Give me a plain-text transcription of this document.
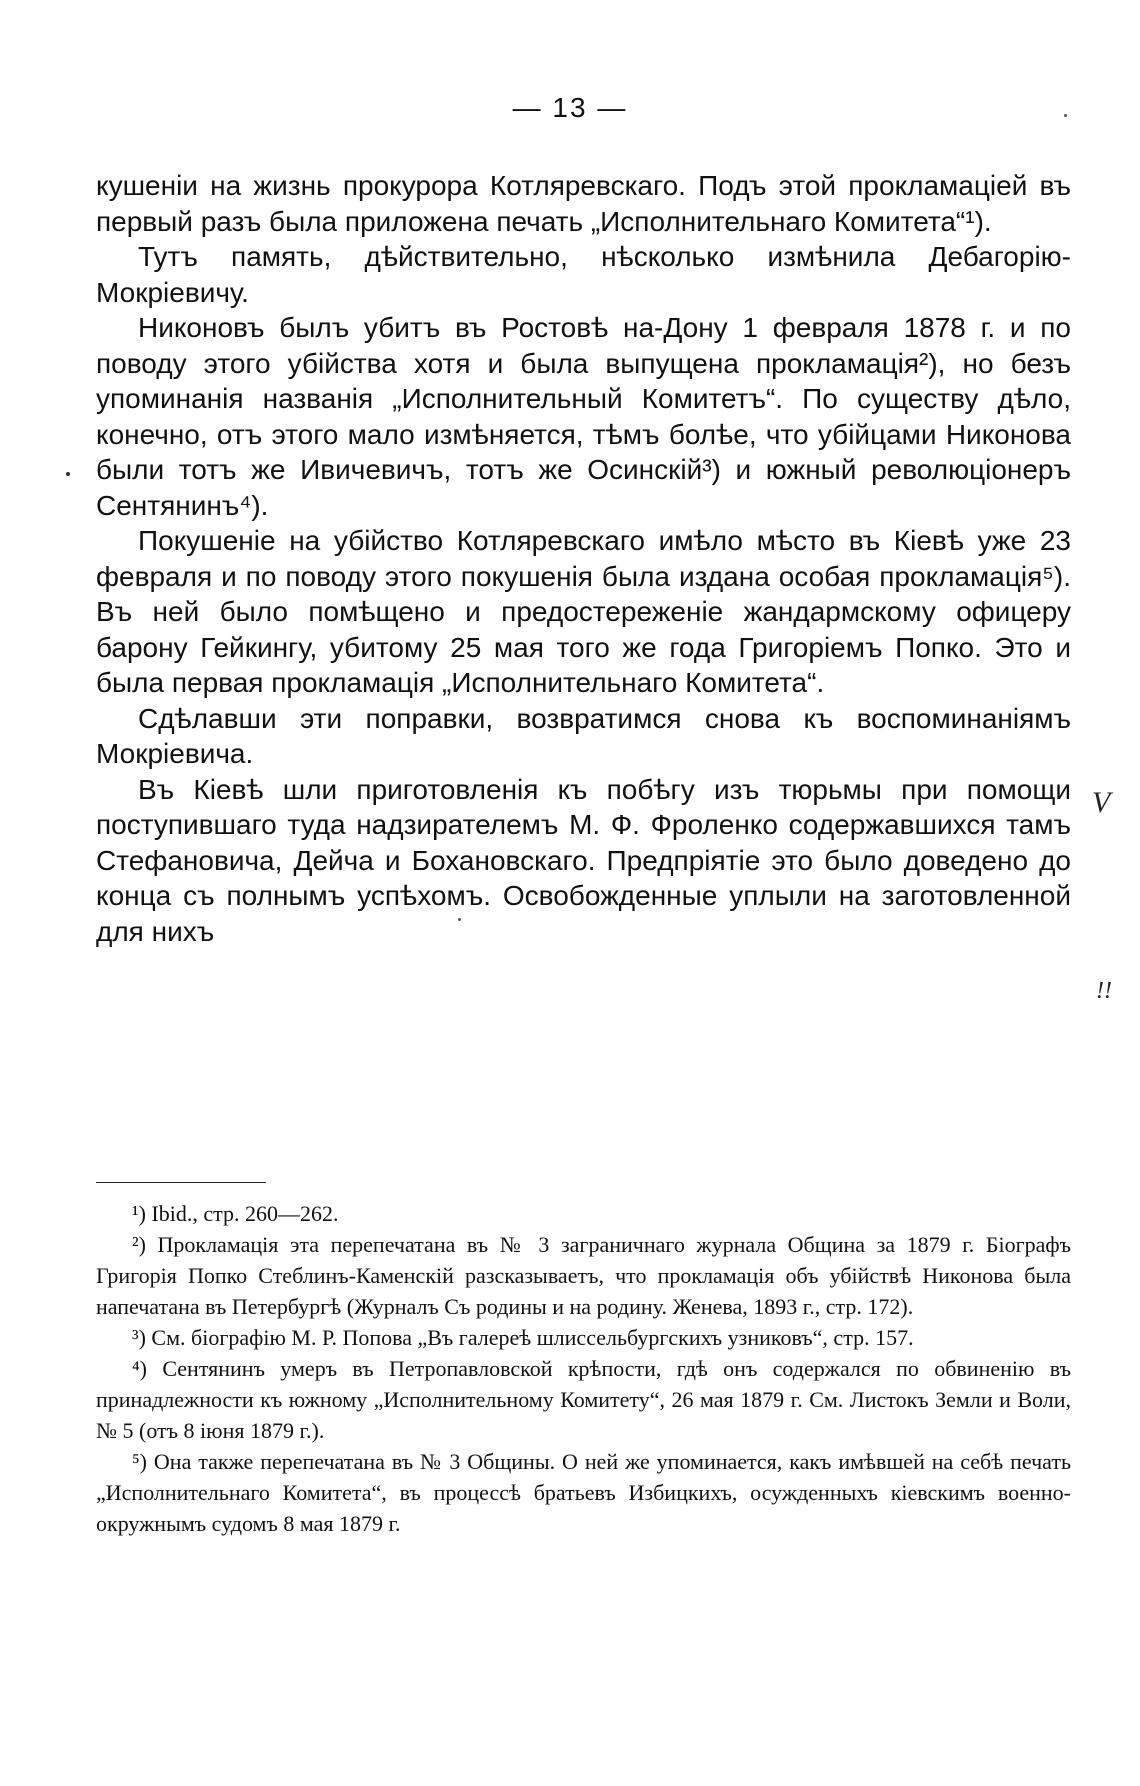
— 13 —

кушеніи на жизнь прокурора Котляревскаго. Подъ этой прокламаціей въ первый разъ была приложена печать „Исполнительнаго Комитета“¹).

Тутъ память, дѣйствительно, нѣсколько измѣнила Дебагорію-Мокріевичу.

Никоновъ былъ убитъ въ Ростовѣ на-Дону 1 февраля 1878 г. и по поводу этого убійства хотя и была выпущена прокламація²), но безъ упоминанія названія „Исполнительный Комитетъ“. По существу дѣло, конечно, отъ этого мало измѣняется, тѣмъ болѣе, что убійцами Никонова были тотъ же Ивичевичъ, тотъ же Осинскій³) и южный революціонеръ Сентянинъ⁴).

Покушеніе на убійство Котляревскаго имѣло мѣсто въ Кіевѣ уже 23 февраля и по поводу этого покушенія была издана особая прокламація⁵). Въ ней было помѣщено и предостереженіе жандармскому офицеру барону Гейкингу, убитому 25 мая того же года Григоріемъ Попко. Это и была первая прокламація „Исполнительнаго Комитета“.

Сдѣлавши эти поправки, возвратимся снова къ воспоминаніямъ Мокріевича.

Въ Кіевѣ шли приготовленія къ побѣгу изъ тюрьмы при помощи поступившаго туда надзирателемъ М. Ф. Фроленко содержавшихся тамъ Стефановича, Дейча и Бохановскаго. Предпріятіе это было доведено до конца съ полнымъ успѣхомъ. Освобожденные уплыли на заготовленной для нихъ

V
!!

¹) Ibid., стр. 260—262.

²) Прокламація эта перепечатана въ № 3 заграничнаго журнала Община за 1879 г. Біографъ Григорія Попко Стеблинъ-Каменскій разсказываетъ, что прокламація объ убійствѣ Никонова была напечатана въ Петербургѣ (Журналъ Съ родины и на родину. Женева, 1893 г., стр. 172).

³) См. біографію М. Р. Попова „Въ галереѣ шлиссельбургскихъ узниковъ“, стр. 157.

⁴) Сентянинъ умеръ въ Петропавловской крѣпости, гдѣ онъ содержался по обвиненію въ принадлежности къ южному „Исполнительному Комитету“, 26 мая 1879 г. См. Листокъ Земли и Воли, № 5 (отъ 8 іюня 1879 г.).

⁵) Она также перепечатана въ № 3 Общины. О ней же упоминается, какъ имѣвшей на себѣ печать „Исполнительнаго Комитета“, въ процессѣ братьевъ Избицкихъ, осужденныхъ кіевскимъ военно-окружнымъ судомъ 8 мая 1879 г.
